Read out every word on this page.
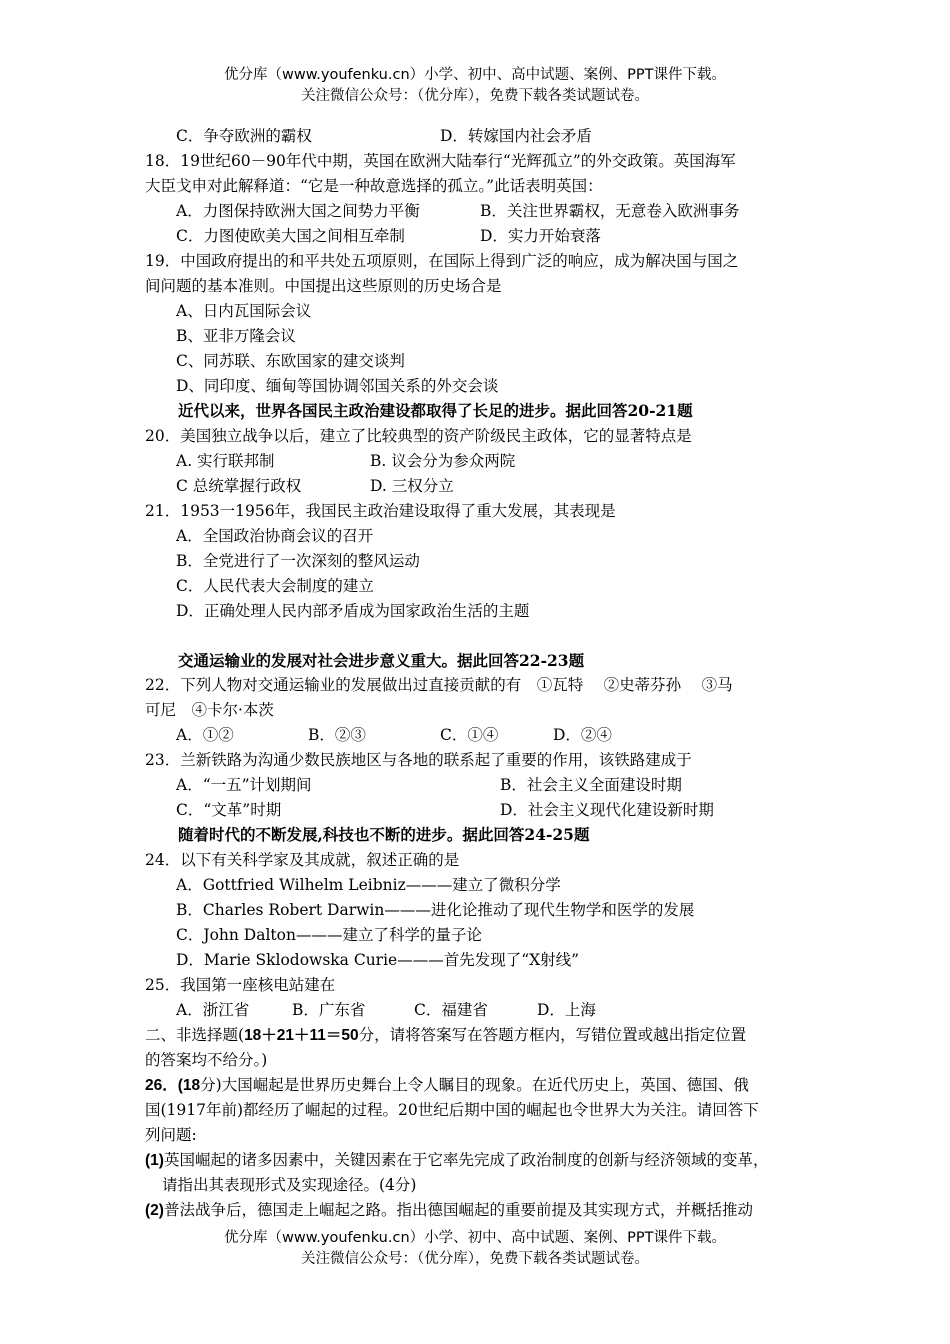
优分库（www.youfenku.cn）小学、初中、高中试题、案例、PPT课件下载。
关注微信公众号：（优分库），免费下载各类试题试卷。
C．争夺欧洲的霸权	D．转嫁国内社会矛盾
18．19世纪60－90年代中期，英国在欧洲大陆奉行“光辉孤立”的外交政策。英国海军
大臣戈申对此解释道：“它是一种故意选择的孤立。”此话表明英国：
A．力图保持欧洲大国之间势力平衡	B．关注世界霸权，无意卷入欧洲事务
C．力图使欧美大国之间相互牵制	D．实力开始衰落
19．中国政府提出的和平共处五项原则，在国际上得到广泛的响应，成为解决国与国之
间问题的基本准则。中国提出这些原则的历史场合是
A、日内瓦国际会议
B、亚非万隆会议
C、同苏联、东欧国家的建交谈判
D、同印度、缅甸等国协调邻国关系的外交会谈
近代以来，世界各国民主政治建设都取得了长足的进步。据此回答20-21题
20．美国独立战争以后，建立了比较典型的资产阶级民主政体，它的显著特点是
A. 实行联邦制	B. 议会分为参众两院
C 总统掌握行政权	D. 三权分立
21．1953一1956年，我国民主政治建设取得了重大发展，其表现是
A．全国政治协商会议的召开
B．全党进行了一次深刻的整风运动
C．人民代表大会制度的建立
D．正确处理人民内部矛盾成为国家政治生活的主题
交通运输业的发展对社会进步意义重大。据此回答22-23题
22．下列人物对交通运输业的发展做出过直接贡献的有　①瓦特　 ②史蒂芬孙　 ③马
可尼　④卡尔·本茨
A．①②	B．②③	C．①④	D．②④
23．兰新铁路为沟通少数民族地区与各地的联系起了重要的作用，该铁路建成于
A．“一五”计划期间	B．社会主义全面建设时期
C．“文革”时期	D．社会主义现代化建设新时期
随着时代的不断发展,科技也不断的进步。据此回答24-25题
24．以下有关科学家及其成就，叙述正确的是
A．Gottfried Wilhelm Leibniz———建立了微积分学
B．Charles Robert Darwin———进化论推动了现代生物学和医学的发展
C．John Dalton———建立了科学的量子论
D．Marie Sklodowska Curie———首先发现了“X射线”
25．我国第一座核电站建在
A．浙江省	B．广东省	C．福建省	D．上海
二、非选择题(18＋21＋11＝50分，请将答案写在答题方框内，写错位置或越出指定位置
的答案均不给分。)
26．(18分)大国崛起是世界历史舞台上令人瞩目的现象。在近代历史上，英国、德国、俄
国(1917年前)都经历了崛起的过程。20世纪后期中国的崛起也令世界大为关注。请回答下
列问题:
(1)英国崛起的诸多因素中，关键因素在于它率先完成了政治制度的创新与经济领域的变革，
请指出其表现形式及实现途径。(4分)
(2)普法战争后，德国走上崛起之路。指出德国崛起的重要前提及其实现方式，并概括推动
优分库（www.youfenku.cn）小学、初中、高中试题、案例、PPT课件下载。
关注微信公众号：（优分库），免费下载各类试题试卷。
